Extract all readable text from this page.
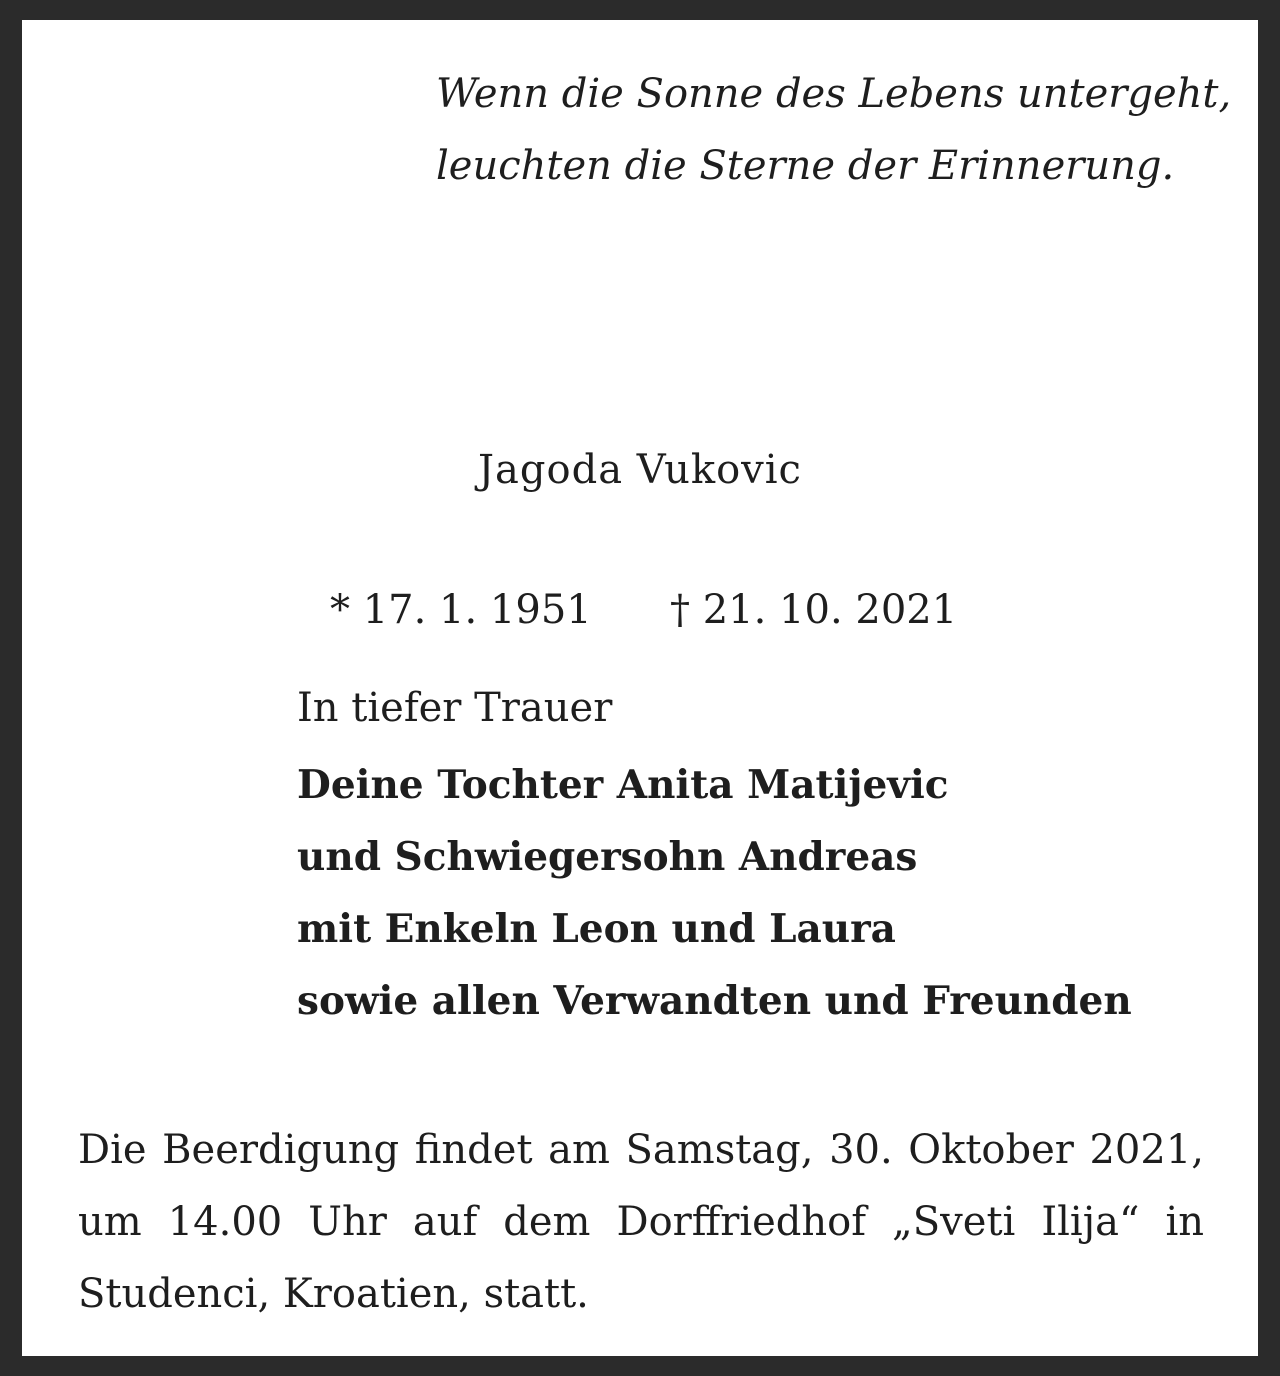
Wenn die Sonne des Lebens untergeht,
leuchten die Sterne der Erinnerung.
Jagoda Vukovic
* 17. 1. 1951 † 21. 10. 2021
In tiefer Trauer
Deine Tochter Anita Matijevic
und Schwiegersohn Andreas
mit Enkeln Leon und Laura
sowie allen Verwandten und Freunden
Die Beerdigung findet am Samstag, 30. Oktober 2021, um 14.00 Uhr auf dem Dorffriedhof „Sveti Ilija“ in Studenci, Kroatien, statt.
